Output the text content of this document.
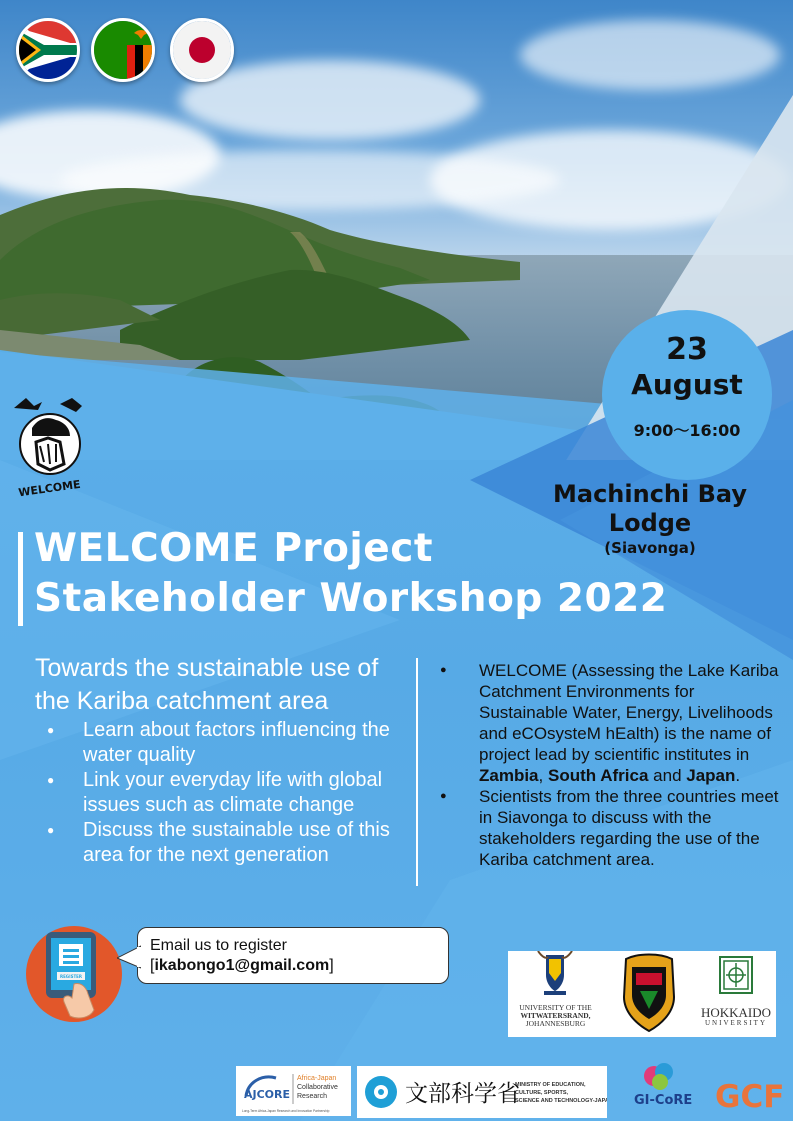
23
August
9:00〜16:00
WELCOME	Machinchi Bay Lodge
(Siavonga)
WELCOME Project
Stakeholder Workshop 2022
Towards the sustainable use of the Kariba catchment area
● Learn about factors influencing the water quality
● Link your everyday life with global issues such as climate change
● Discuss the sustainable use of this area for the next generation
● WELCOME (Assessing the Lake Kariba Catchment Environments for Sustainable Water, Energy, Livelihoods and eCOsysteM hEalth) is the name of project lead by scientific institutes in Zambia, South Africa and Japan.
● Scientists from the three countries meet in Siavonga to discuss with the stakeholders regarding the use of the Kariba catchment area.
REGISTER
Email us to register
[ikabongo1@gmail.com]
UNIVERSITY OF THE
WITWATERSRAND,
JOHANNESBURG
HOKKAIDO
UNIVERSITY
AJCORE
Africa-Japan
Collaborative
Research
Long-Term Africa-Japan Research and Innovation Partnership
文部科学省
MINISTRY OF EDUCATION,
CULTURE, SPORTS,
SCIENCE AND TECHNOLOGY-JAPAN GI-CoRE GCF
